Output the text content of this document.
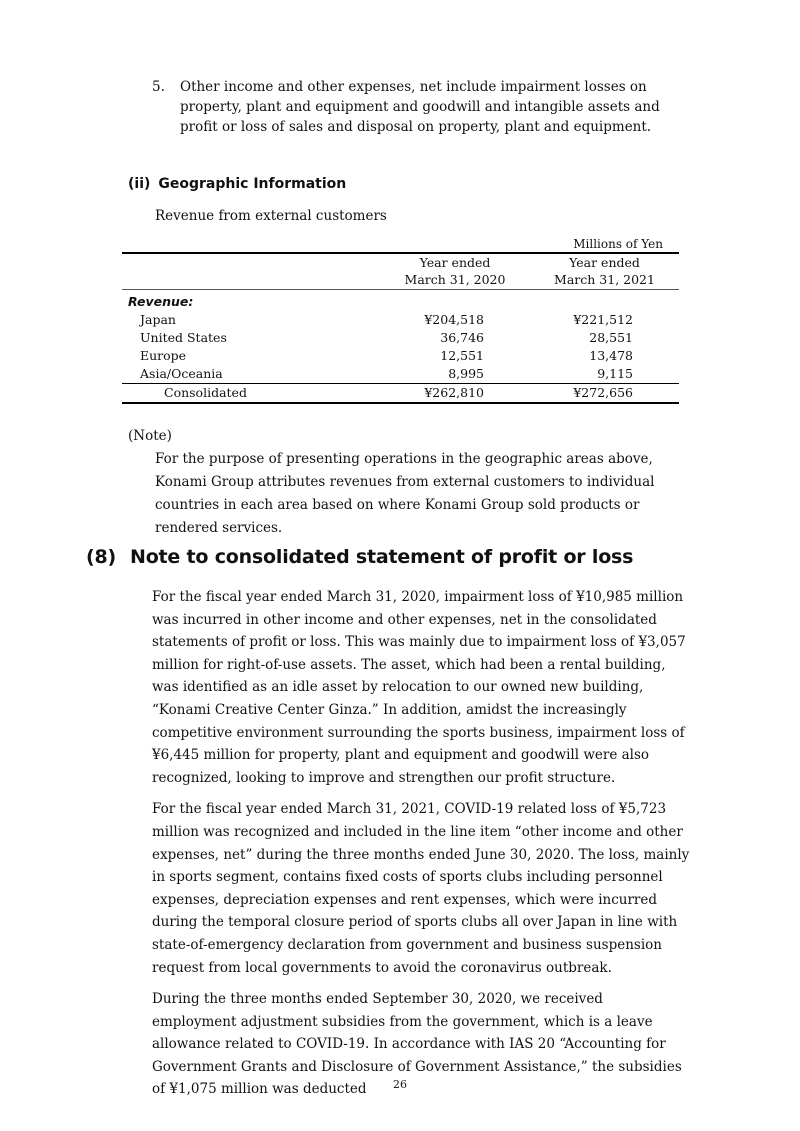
5. Other income and other expenses, net include impairment losses on property, plant and equipment and goodwill and intangible assets and profit or loss of sales and disposal on property, plant and equipment.
(ii) Geographic Information
Revenue from external customers
Millions of Yen
	Year ended	Year ended
	March 31, 2020	March 31, 2021
Revenue:		
Japan	¥204,518	¥221,512
United States	36,746	28,551
Europe	12,551	13,478
Asia/Oceania	8,995	9,115
Consolidated	¥262,810	¥272,656
(Note)
For the purpose of presenting operations in the geographic areas above, Konami Group attributes revenues from external customers to individual countries in each area based on where Konami Group sold products or rendered services.
(8) Note to consolidated statement of profit or loss

For the fiscal year ended March 31, 2020, impairment loss of ¥10,985 million was incurred in other income and other expenses, net in the consolidated statements of profit or loss. This was mainly due to impairment loss of ¥3,057 million for right-of-use assets. The asset, which had been a rental building, was identified as an idle asset by relocation to our owned new building, “Konami Creative Center Ginza.” In addition, amidst the increasingly competitive environment surrounding the sports business, impairment loss of ¥6,445 million for property, plant and equipment and goodwill were also recognized, looking to improve and strengthen our profit structure.

For the fiscal year ended March 31, 2021, COVID-19 related loss of ¥5,723 million was recognized and included in the line item “other income and other expenses, net” during the three months ended June 30, 2020. The loss, mainly in sports segment, contains fixed costs of sports clubs including personnel expenses, depreciation expenses and rent expenses, which were incurred during the temporal closure period of sports clubs all over Japan in line with state-of-emergency declaration from government and business suspension request from local governments to avoid the coronavirus outbreak.

During the three months ended September 30, 2020, we received employment adjustment subsidies from the government, which is a leave allowance related to COVID-19. In accordance with IAS 20 “Accounting for Government Grants and Disclosure of Government Assistance,” the subsidies of ¥1,075 million was deducted	26
